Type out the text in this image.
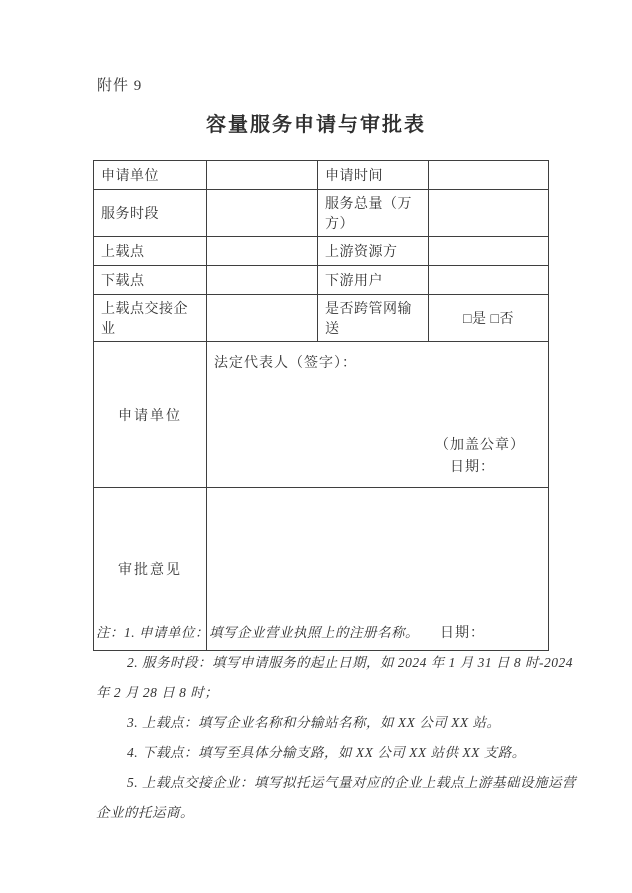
附件 9
容量服务申请与审批表
申请单位		申请时间	
服务时段		服务总量（万方）	
上载点		上游资源方	
下载点		下游用户	
上载点交接企业		是否跨管网输送	□是 □否
申请单位	法定代表人（签字）：
（加盖公章）
日期：		

审批意见	日期：		
注：1. 申请单位：填写企业营业执照上的注册名称。
2. 服务时段：填写申请服务的起止日期，如 2024 年 1 月 31 日 8 时-2024
年 2 月 28 日 8 时；
3. 上载点：填写企业名称和分输站名称，如 XX 公司 XX 站。
4. 下载点：填写至具体分输支路，如 XX 公司 XX 站供 XX 支路。
5. 上载点交接企业：填写拟托运气量对应的企业上载点上游基础设施运营
企业的托运商。
